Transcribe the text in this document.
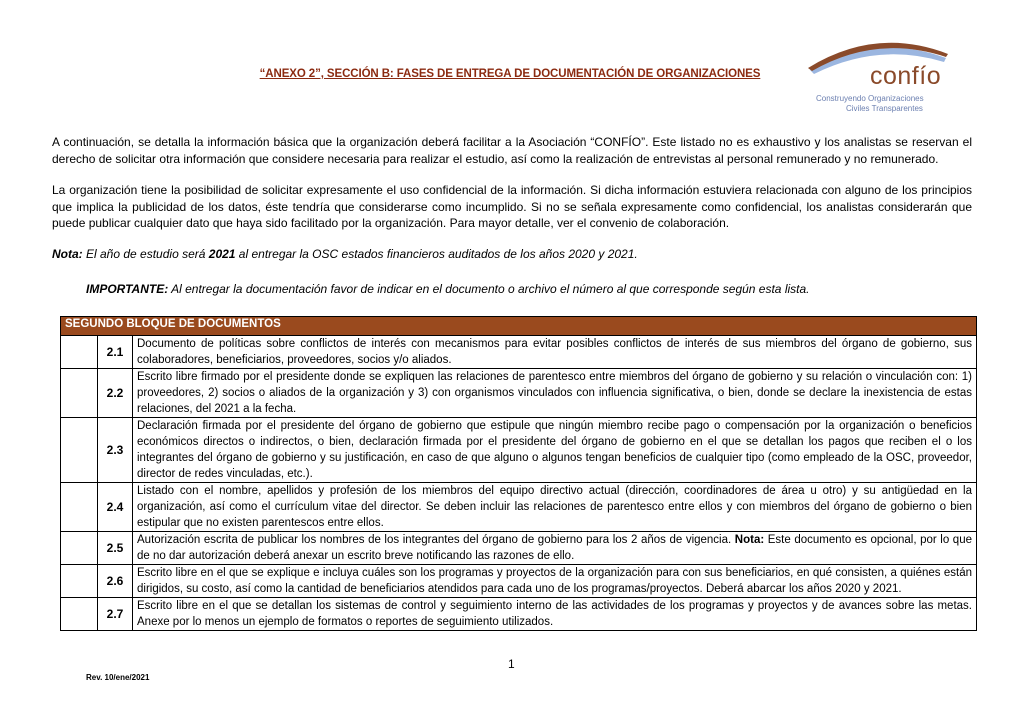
“ANEXO 2”, SECCIÓN B: FASES DE ENTREGA DE DOCUMENTACIÓN DE ORGANIZACIONES	confío
Construyendo Organizaciones
Civiles Transparentes
A continuación, se detalla la información básica que la organización deberá facilitar a la Asociación “CONFÍO”. Este listado no es exhaustivo y los analistas se reservan el derecho de solicitar otra información que considere necesaria para realizar el estudio, así como la realización de entrevistas al personal remunerado y no remunerado.
La organización tiene la posibilidad de solicitar expresamente el uso confidencial de la información. Si dicha información estuviera relacionada con alguno de los principios que implica la publicidad de los datos, éste tendría que considerarse como incumplido. Si no se señala expresamente como confidencial, los analistas considerarán que puede publicar cualquier dato que haya sido facilitado por la organización. Para mayor detalle, ver el convenio de colaboración.
Nota: El año de estudio será 2021 al entregar la OSC estados financieros auditados de los años 2020 y 2021.
IMPORTANTE: Al entregar la documentación favor de indicar en el documento o archivo el número al que corresponde según esta lista.
SEGUNDO BLOQUE DE DOCUMENTOS		
	2.1	Documento de políticas sobre conflictos de interés con mecanismos para evitar posibles conflictos de interés de sus miembros del órgano de gobierno, sus colaboradores, beneficiarios, proveedores, socios y/o aliados.
	2.2	Escrito libre firmado por el presidente donde se expliquen las relaciones de parentesco entre miembros del órgano de gobierno y su relación o vinculación con: 1) proveedores, 2) socios o aliados de la organización y 3) con organismos vinculados con influencia significativa, o bien, donde se declare la inexistencia de estas relaciones, del 2021 a la fecha.
	2.3	Declaración firmada por el presidente del órgano de gobierno que estipule que ningún miembro recibe pago o compensación por la organización o beneficios económicos directos o indirectos, o bien, declaración firmada por el presidente del órgano de gobierno en el que se detallan los pagos que reciben el o los integrantes del órgano de gobierno y su justificación, en caso de que alguno o algunos tengan beneficios de cualquier tipo (como empleado de la OSC, proveedor, director de redes vinculadas, etc.).
	2.4	Listado con el nombre, apellidos y profesión de los miembros del equipo directivo actual (dirección, coordinadores de área u otro) y su antigüedad en la organización, así como el currículum vitae del director. Se deben incluir las relaciones de parentesco entre ellos y con miembros del órgano de gobierno o bien estipular que no existen parentescos entre ellos.
	2.5	Autorización escrita de publicar los nombres de los integrantes del órgano de gobierno para los 2 años de vigencia. Nota: Este documento es opcional, por lo que de no dar autorización deberá anexar un escrito breve notificando las razones de ello.
	2.6	Escrito libre en el que se explique e incluya cuáles son los programas y proyectos de la organización para con sus beneficiarios, en qué consisten, a quiénes están dirigidos, su costo, así como la cantidad de beneficiarios atendidos para cada uno de los programas/proyectos. Deberá abarcar los años 2020 y 2021.
	2.7	Escrito libre en el que se detallan los sistemas de control y seguimiento interno de las actividades de los programas y proyectos y de avances sobre las metas. Anexe por lo menos un ejemplo de formatos o reportes de seguimiento utilizados.
1
Rev. 10/ene/2021
